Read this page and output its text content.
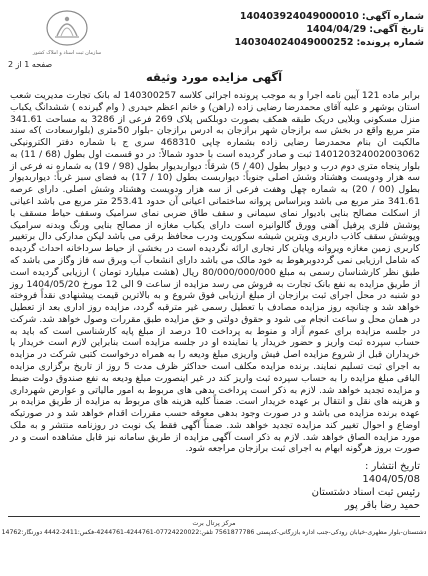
سازمان ثبت اسناد و املاک کشور
شماره آگهی:
140403924049000010
تاریخ آگهی:
1404/04/29
شماره پرونده:
140304024049000252
صفحه 1 از 2
آگهی مزایده مورد وثیقه

برابر ماده 121 آیین نامه اجرا و به موجب پرونده اجرائی کلاسه 140300257 له بانک تجارت مدیریت شعب استان بوشهر و علیه آقای محمدرضا رضایی زاده (راهن) و خانم اعظم حیدری ( وام گیرنده ) ششدانگ یکباب منزل مسکونی وبلایی دریک طبقه همکف بصورت دوبلکس پلاک 269 فرعی از 3286 به مساحت 341.61 متر مربع واقع در بخش سه برازجان شهر برازجان به ادرس برازجان -بلوار 50متری (بلوارسعادت )که سند مالکیت ان بنام محمدرضا رضایی زاده بشماره چاپی 468310 سری ج با شماره دفتر الکترونیکی 140120324002003062 ثبت و صادر گردیده است با حدود شمالاً: در دو قسمت اول بطول (68 / 11) به بلوار پنجاه متری دوم درب و دیوار بطول (40 / 5) شرقاً: دیواربدیوار بطول (98 / 19) به شماره نه فرعی از سه هزار ودویست وهشتاد وشش اصلی جنوباً: دیواربست بطول (10 / 17) به فضای سبز غرباً: دیواربدیوار بطول (00 / 20) به شماره چهل وهفت فرعی از سه هزار ودویست وهشتاد وشش اصلی. دارای عرصه 341.61 متر مربع می باشد وبراساس پروانه ساختمانی اعیانی آن حدود 253.41 متر مربع می باشد اعیانی از اسکلت مصالح بنایی بادیوار نمای سیمانی و سقف طاق ضربی نمای سرامیک وسقف حیاط مسقف با پوشش فلزی پرفیل آهنی وورق گالوانیزه است دارای یکباب مغازه از مصالح بنایی ورنگ وبدنه سرامیک وپوشش سقف کاذب داربری ویترین شیشه سکوریت ودرب محافظ برقی می باشد لیکن مدارکی دال برتغییر کاربری زمین مغازه ویروانه وپایان کار تجاری ارائه نگردیده است در بخشی از حیاط سرداخانه احداث گردیده که شامل ارزیابی نمی گرددوبرهوط به خود مالک می باشد دارای انشعاب آب وبرق سه فاز وگاز می باشد که طبق نظر کارشناسان رسمی به مبلغ 80/000/000/000 ریال (هشت میلیارد تومان ) ارزیابی گردیده است از طریق مزایده به نفع بانک تجارت به فروش می رسد مزایده از ساعت 9 الی 12 مورخ 1404/05/20 روز دو شنبه در محل اجرای ثبت برازجان از مبلغ ارزیابی فوق شروع و به بالاترین قیمت پیشنهادی نقداً فروخته خواهد شد و چنانچه روز مزایده مصادف با تعطیل رسمی غیر مترقبه گردد، مزایده روز اداری بعد از تعطیل در همان محل و ساعت انجام می شود و حقوق دولتی و حق مزایده طبق مقررات وصول خواهد شد. شرکت در جلسه مزایده برای عموم آزاد و منوط به پرداخت 10 درصد از مبلغ پایه کارشناسی است که باید به حساب سپرده ثبت واریز و حضور خریدار یا نماینده او در جلسه مزایده است بنابراین لازم است خریدار یا خریداران قبل از شروع مزایده اصل فیش واریزی مبلغ ودیعه را به همراه درخواست کتبی شرکت در مزایده به اجرای ثبت تسلیم نمایند. برنده مزایده مکلف است حداکثر ظرف مدت 5 روز از تاریخ برگزاری مزایده الباقی مبلغ مزایده را به حساب سپرده ثبت واریز کند در غیر اینصورت مبلغ ودیعه به نفع صندوق دولت ضبط و مزایده تجدید خواهد شد. لازم به ذکر است پرداخت بدهی های مربوط به امور مالیاتی و عوارض شهرداری و هزینه های نقل و انتقال بر عهده خریدار است. ضمناً کلیه هزینه های مربوط به مزایده از طریق مزایده بر عهده برنده مزایده می باشد و در صورت وجود بدهی معوقه حسب مقررات اقدام خواهد شد و در صورتیکه اوضاع و احوال تغییر کند مزایده تجدید خواهد شد. ضمناً آگهی فقط یک نوبت در روزنامه منتشر و به ملک مورد مزایده الصاق خواهد شد. لازم به ذکر است آگهی مزایده از طریق سامانه نیز قابل مشاهده است و در صورت بروز هرگونه ابهام به اجرای ثبت برازجان مراجعه شود.

تاریخ انتشار :
1404/05/08
رئیس ثبت اسناد دشتستان
حمید رضا باقر پور
مرکز پرتال برت
دشتستان-بلوار مطهری-خیابان رودکی-جنب اداره بازرگانی-کدپستی 7561877786 تلفن:07724220022-4244761-4244761-فکس:2411-4442 دورنگار:14762
